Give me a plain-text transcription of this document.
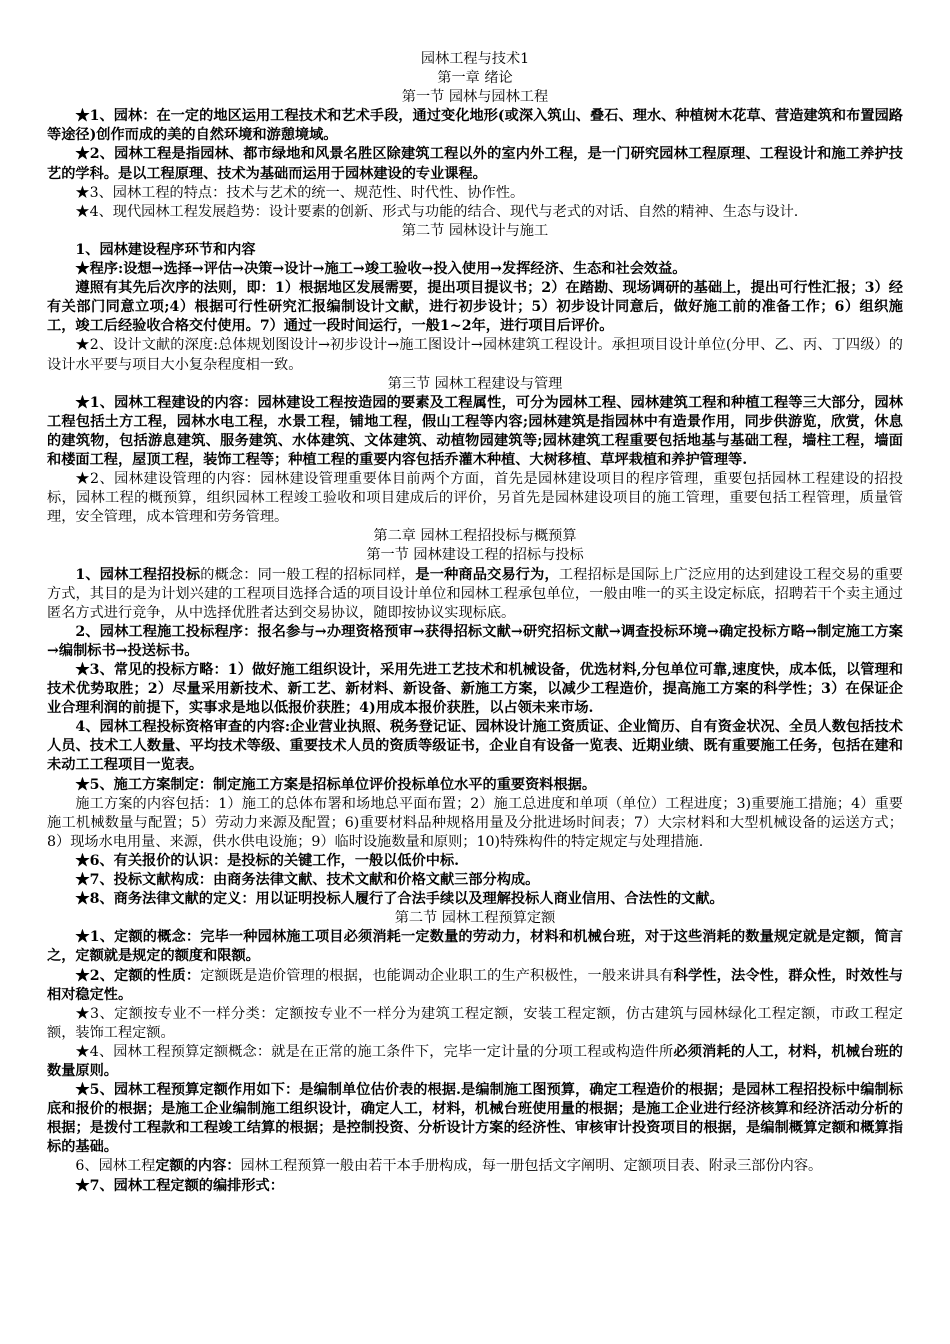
园林工程与技术1

第一章 绪论

第一节 园林与园林工程

★1、园林：在一定的地区运用工程技术和艺术手段，通过变化地形(或深入筑山、叠石、理水、种植树木花草、营造建筑和布置园路等途径)创作而成的美的自然环境和游憩境域。

★2、园林工程是指园林、都市绿地和风景名胜区除建筑工程以外的室内外工程，是一门研究园林工程原理、工程设计和施工养护技艺的学科。是以工程原理、技术为基础而运用于园林建设的专业课程。

★3、园林工程的特点：技术与艺术的统一、规范性、时代性、协作性。

★4、现代园林工程发展趋势：设计要素的创新、形式与功能的结合、现代与老式的对话、自然的精神、生态与设计.

第二节 园林设计与施工

1、园林建设程序环节和内容

★程序:设想→选择→评估→决策→设计→施工→竣工验收→投入使用→发挥经济、生态和社会效益。

遵照有其先后次序的法则，即：1）根据地区发展需要，提出项目提议书；2）在踏勘、现场调研的基础上，提出可行性汇报；3）经有关部门同意立项;4）根据可行性研究汇报编制设计文献，进行初步设计；5）初步设计同意后，做好施工前的准备工作；6）组织施工，竣工后经验收合格交付使用。7）通过一段时间运行，一般1~2年，进行项目后评价。

★2、设计文献的深度:总体规划图设计→初步设计→施工图设计→园林建筑工程设计。承担项目设计单位(分甲、乙、丙、丁四级）的设计水平要与项目大小复杂程度相一致。

第三节 园林工程建设与管理

★1、园林工程建设的内容：园林建设工程按造园的要素及工程属性，可分为园林工程、园林建筑工程和种植工程等三大部分，园林工程包括土方工程，园林水电工程，水景工程，铺地工程，假山工程等内容;园林建筑是指园林中有造景作用，同步供游览，欣赏，休息的建筑物，包括游息建筑、服务建筑、水体建筑、文体建筑、动植物园建筑等;园林建筑工程重要包括地基与基础工程，墙柱工程，墙面和楼面工程，屋顶工程，装饰工程等；种植工程的重要内容包括乔灌木种植、大树移植、草坪栽植和养护管理等.

★2、园林建设管理的内容：园林建设管理重要体目前两个方面，首先是园林建设项目的程序管理，重要包括园林工程建设的招投标，园林工程的概预算，组织园林工程竣工验收和项目建成后的评价，另首先是园林建设项目的施工管理，重要包括工程管理，质量管理，安全管理，成本管理和劳务管理。

第二章 园林工程招投标与概预算

第一节 园林建设工程的招标与投标

1、园林工程招投标的概念：同一般工程的招标同样，是一种商品交易行为，工程招标是国际上广泛应用的达到建设工程交易的重要方式，其目的是为计划兴建的工程项目选择合适的项目设计单位和园林工程承包单位，一般由唯一的买主设定标底，招聘若干个卖主通过匿名方式进行竞争，从中选择优胜者达到交易协议，随即按协议实现标底。

2、园林工程施工投标程序：报名参与→办理资格预审→获得招标文献→研究招标文献→调查投标环境→确定投标方略→制定施工方案→编制标书→投送标书。

★3、常见的投标方略：1）做好施工组织设计，采用先进工艺技术和机械设备，优选材料,分包单位可靠,速度快，成本低，以管理和技术优势取胜；2）尽量采用新技术、新工艺、新材料、新设备、新施工方案，以减少工程造价，提高施工方案的科学性；3）在保证企业合理利润的前提下，实事求是地以低报价获胜；4)用成本报价获胜，以占领未来市场.

4、园林工程投标资格审查的内容:企业营业执照、税务登记证、园林设计施工资质证、企业简历、自有资金状况、全员人数包括技术人员、技术工人数量、平均技术等级、重要技术人员的资质等级证书，企业自有设备一览表、近期业绩、既有重要施工任务，包括在建和未动工工程项目一览表。

★5、施工方案制定：制定施工方案是招标单位评价投标单位水平的重要资料根据。

施工方案的内容包括：1）施工的总体布署和场地总平面布置；2）施工总进度和单项（单位）工程进度；3)重要施工措施；4）重要施工机械数量与配置；5）劳动力来源及配置；6)重要材料品种规格用量及分批进场时间表；7）大宗材料和大型机械设备的运送方式；8）现场水电用量、来源，供水供电设施；9）临时设施数量和原则；10)特殊构件的特定规定与处理措施.

★6、有关报价的认识：是投标的关键工作，一般以低价中标.

★7、投标文献构成：由商务法律文献、技术文献和价格文献三部分构成。

★8、商务法律文献的定义：用以证明投标人履行了合法手续以及理解投标人商业信用、合法性的文献。

第二节 园林工程预算定额

★1、定额的概念：完毕一种园林施工项目必须消耗一定数量的劳动力，材料和机械台班，对于这些消耗的数量规定就是定额，简言之，定额就是规定的额度和限额。

★2、定额的性质：定额既是造价管理的根据，也能调动企业职工的生产积极性，一般来讲具有科学性，法令性，群众性，时效性与相对稳定性。

★3、定额按专业不一样分类：定额按专业不一样分为建筑工程定额，安装工程定额，仿古建筑与园林绿化工程定额，市政工程定额，装饰工程定额。

★4、园林工程预算定额概念：就是在正常的施工条件下，完毕一定计量的分项工程或构造件所必须消耗的人工，材料，机械台班的数量原则。

★5、园林工程预算定额作用如下：是编制单位估价表的根据.是编制施工图预算，确定工程造价的根据；是园林工程招投标中编制标底和报价的根据；是施工企业编制施工组织设计，确定人工，材料，机械台班使用量的根据；是施工企业进行经济核算和经济活动分析的根据；是拨付工程款和工程竣工结算的根据；是控制投资、分析设计方案的经济性、审核审计投资项目的根据，是编制概算定额和概算指标的基础。

6、园林工程定额的内容：园林工程预算一般由若干本手册构成，每一册包括文字阐明、定额项目表、附录三部份内容。

★7、园林工程定额的编排形式：
